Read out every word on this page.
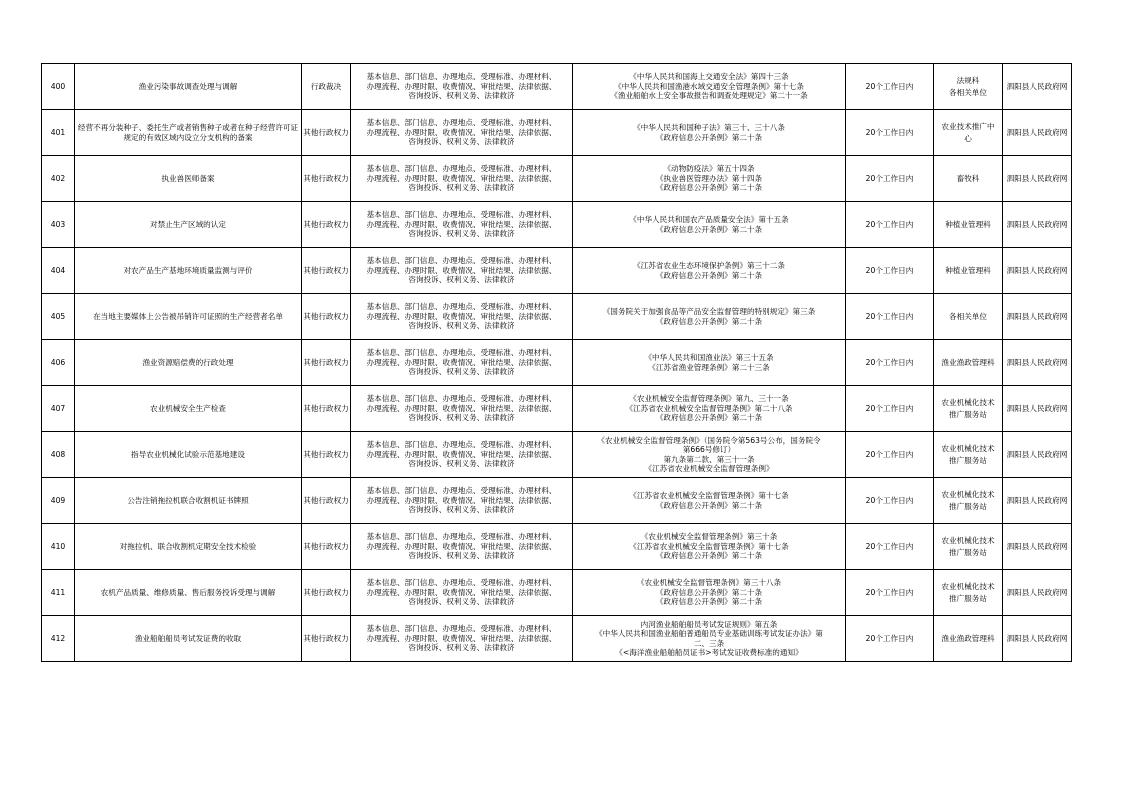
400	渔业污染事故调查处理与调解	行政裁决	基本信息、部门信息、办理地点、受理标准、办理材料、
办理流程、办理时限、收费情况、审批结果、法律依据、
咨询投诉、权利义务、法律救济	《中华人民共和国海上交通安全法》第四十三条
《中华人民共和国渔港水域交通安全管理条例》第十七条
《渔业船舶水上安全事故报告和调查处理规定》第二十一条	20个工作日内	法规科
各相关单位	泗阳县人民政府网
401	经营不再分装种子、委托生产或者销售种子或者在种子经营许可证规定的有效区域内设立分支机构的备案	其他行政权力	基本信息、部门信息、办理地点、受理标准、办理材料、
办理流程、办理时限、收费情况、审批结果、法律依据、
咨询投诉、权利义务、法律救济	《中华人民共和国种子法》第三十、三十八条
《政府信息公开条例》第二十条	20个工作日内	农业技术推广中
心	泗阳县人民政府网
402	执业兽医师备案	其他行政权力	基本信息、部门信息、办理地点、受理标准、办理材料、
办理流程、办理时限、收费情况、审批结果、法律依据、
咨询投诉、权利义务、法律救济	《动物防疫法》第五十四条
《执业兽医管理办法》第十四条
《政府信息公开条例》第二十条	20个工作日内	畜牧科	泗阳县人民政府网
403	对禁止生产区域的认定	其他行政权力	基本信息、部门信息、办理地点、受理标准、办理材料、
办理流程、办理时限、收费情况、审批结果、法律依据、
咨询投诉、权利义务、法律救济	《中华人民共和国农产品质量安全法》第十五条
《政府信息公开条例》第二十条	20个工作日内	种植业管理科	泗阳县人民政府网
404	对农产品生产基地环境质量监测与评价	其他行政权力	基本信息、部门信息、办理地点、受理标准、办理材料、
办理流程、办理时限、收费情况、审批结果、法律依据、
咨询投诉、权利义务、法律救济	《江苏省农业生态环境保护条例》第三十二条
《政府信息公开条例》第二十条	20个工作日内	种植业管理科	泗阳县人民政府网
405	在当地主要媒体上公告被吊销许可证照的生产经营者名单	其他行政权力	基本信息、部门信息、办理地点、受理标准、办理材料、
办理流程、办理时限、收费情况、审批结果、法律依据、
咨询投诉、权利义务、法律救济	《国务院关于加强食品等产品安全监督管理的特别规定》第三条
《政府信息公开条例》第二十条	20个工作日内	各相关单位	泗阳县人民政府网
406	渔业资源赔偿费的行政处理	其他行政权力	基本信息、部门信息、办理地点、受理标准、办理材料、
办理流程、办理时限、收费情况、审批结果、法律依据、
咨询投诉、权利义务、法律救济	《中华人民共和国渔业法》第三十五条
《江苏省渔业管理条例》第二十三条	20个工作日内	渔业渔政管理科	泗阳县人民政府网
407	农业机械安全生产检查	其他行政权力	基本信息、部门信息、办理地点、受理标准、办理材料、
办理流程、办理时限、收费情况、审批结果、法律依据、
咨询投诉、权利义务、法律救济	《农业机械安全监督管理条例》第九、三十一条
《江苏省农业机械安全监督管理条例》第二十八条
《政府信息公开条例》第二十条	20个工作日内	农业机械化技术
推广服务站	泗阳县人民政府网
408	指导农业机械化试验示范基地建设	其他行政权力	基本信息、部门信息、办理地点、受理标准、办理材料、
办理流程、办理时限、收费情况、审批结果、法律依据、
咨询投诉、权利义务、法律救济	《农业机械安全监督管理条例》（国务院令第563号公布，国务院令
第666号修订）
第九条第二款、第三十一条
《江苏省农业机械安全监督管理条例》	20个工作日内	农业机械化技术
推广服务站	泗阳县人民政府网
409	公告注销拖拉机联合收割机证书牌照	其他行政权力	基本信息、部门信息、办理地点、受理标准、办理材料、
办理流程、办理时限、收费情况、审批结果、法律依据、
咨询投诉、权利义务、法律救济	《江苏省农业机械安全监督管理条例》第十七条
《政府信息公开条例》第二十条	20个工作日内	农业机械化技术
推广服务站	泗阳县人民政府网
410	对拖拉机、联合收割机定期安全技术检验	其他行政权力	基本信息、部门信息、办理地点、受理标准、办理材料、
办理流程、办理时限、收费情况、审批结果、法律依据、
咨询投诉、权利义务、法律救济	《农业机械安全监督管理条例》第三十条
《江苏省农业机械安全监督管理条例》第十七条
《政府信息公开条例》第二十条	20个工作日内	农业机械化技术
推广服务站	泗阳县人民政府网
411	农机产品质量、维修质量、售后服务投诉受理与调解	其他行政权力	基本信息、部门信息、办理地点、受理标准、办理材料、
办理流程、办理时限、收费情况、审批结果、法律依据、
咨询投诉、权利义务、法律救济	《农业机械安全监督管理条例》第三十八条
《政府信息公开条例》第二十条
《政府信息公开条例》第二十条	20个工作日内	农业机械化技术
推广服务站	泗阳县人民政府网
412	渔业船舶船员考试发证费的收取	其他行政权力	基本信息、部门信息、办理地点、受理标准、办理材料、
办理流程、办理时限、收费情况、审批结果、法律依据、
咨询投诉、权利义务、法律救济	内河渔业船舶船员考试发证规则》第五条
《中华人民共和国渔业船舶普通船员专业基础训练考试发证办法》第
二、三条
《<海洋渔业船舶船员证书>考试发证收费标准的通知》	20个工作日内	渔业渔政管理科	泗阳县人民政府网
